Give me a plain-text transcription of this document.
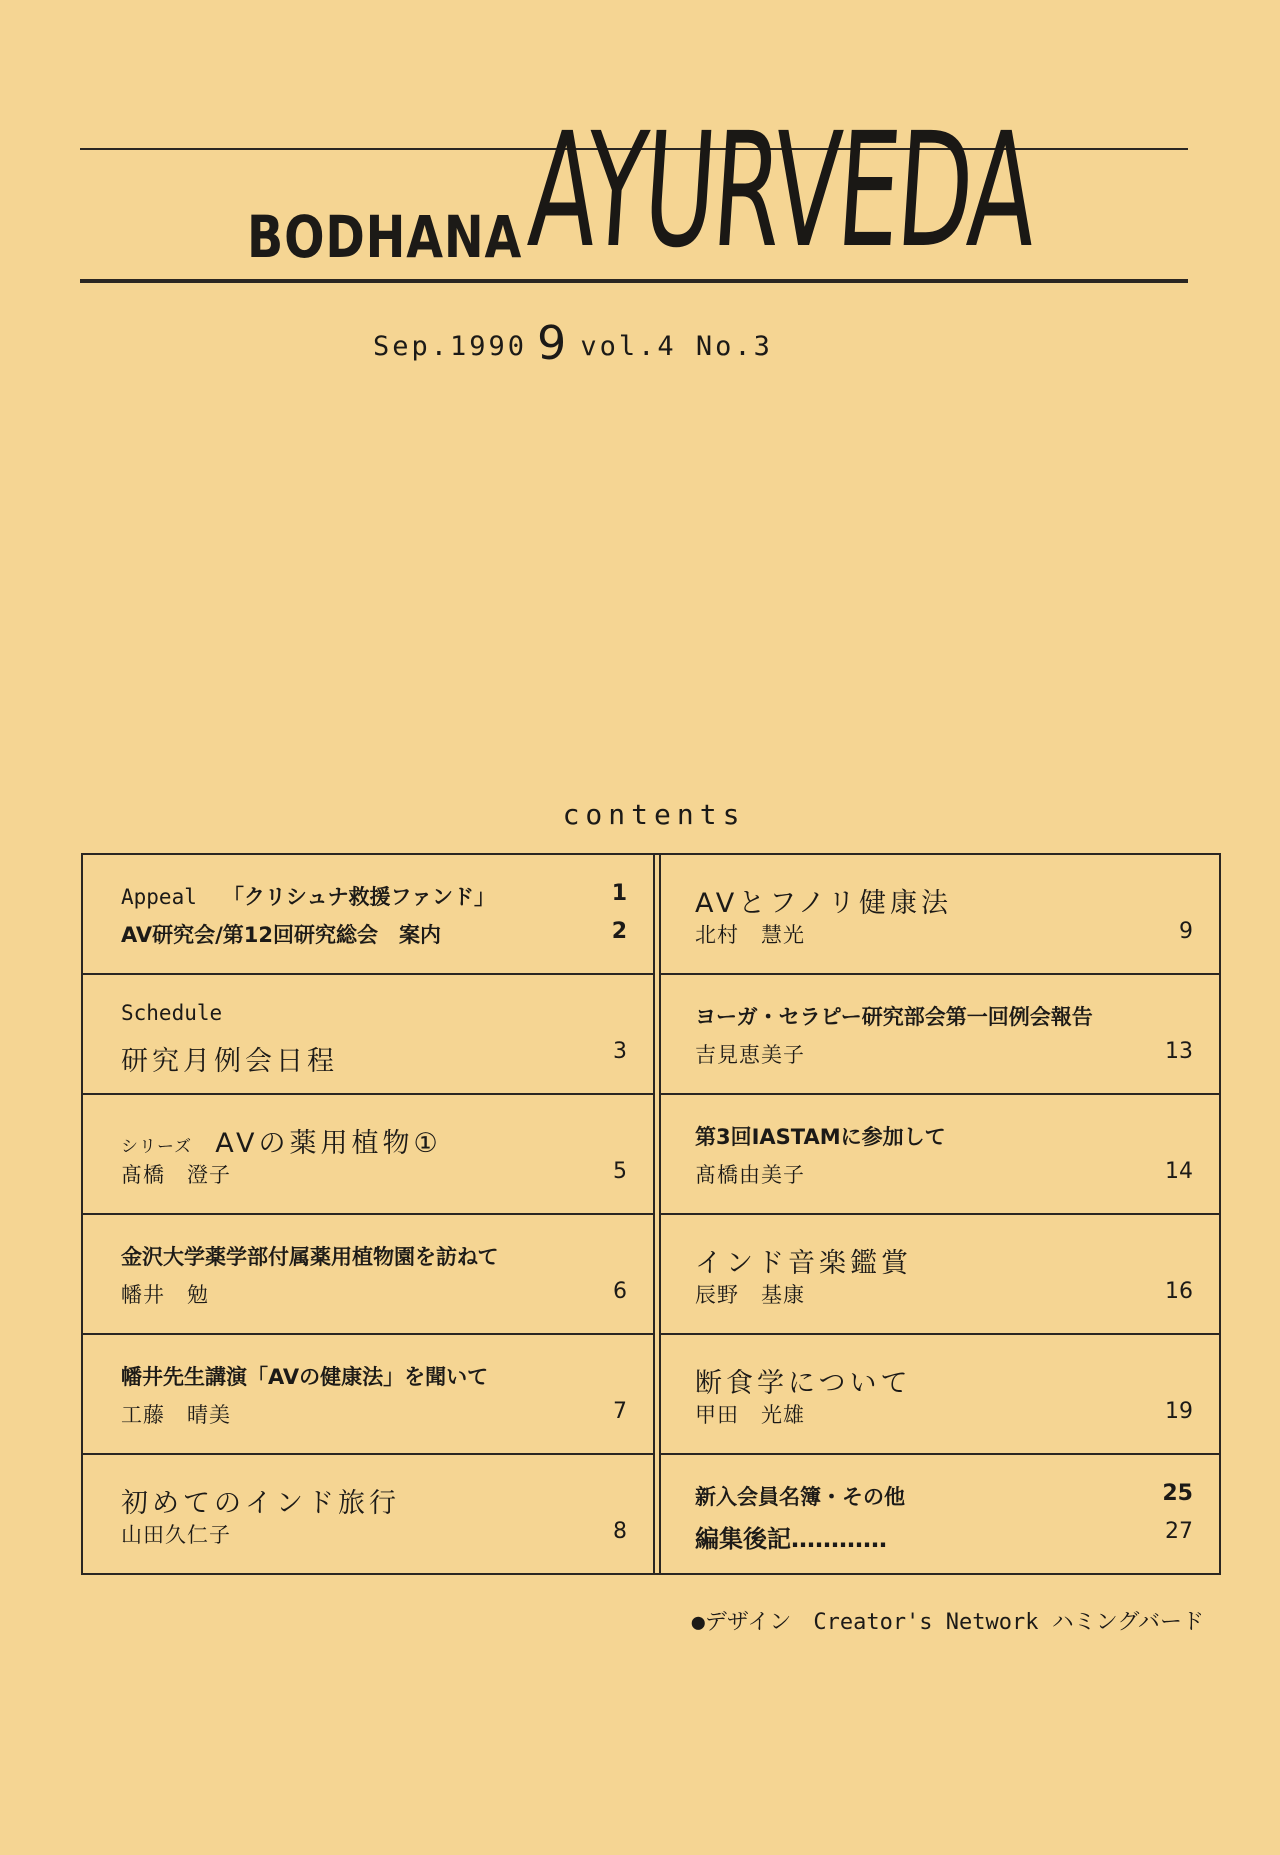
BODHANA AYURVEDA
Sep.1990 9 vol.4 No.3
contents
Appeal 「クリシュナ救援ファンド」	1
AV研究会/第12回研究総会　案内	2
Schedule
研究月例会日程	3
シリーズ AVの薬用植物①
髙橋　澄子	5
金沢大学薬学部付属薬用植物園を訪ねて
幡井　勉	6
幡井先生講演「AVの健康法」を聞いて
工藤　晴美	7
初めてのインド旅行
山田久仁子	8
AVとフノリ健康法
北村　慧光	9
ヨーガ・セラピー研究部会第一回例会報告
吉見恵美子	13
第3回IASTAMに参加して
髙橋由美子	14
インド音楽鑑賞
辰野　基康	16
断食学について
甲田　光雄	19
新入会員名簿・その他	25
編集後記…………	27
●デザイン　Creator's Network ハミングバード
